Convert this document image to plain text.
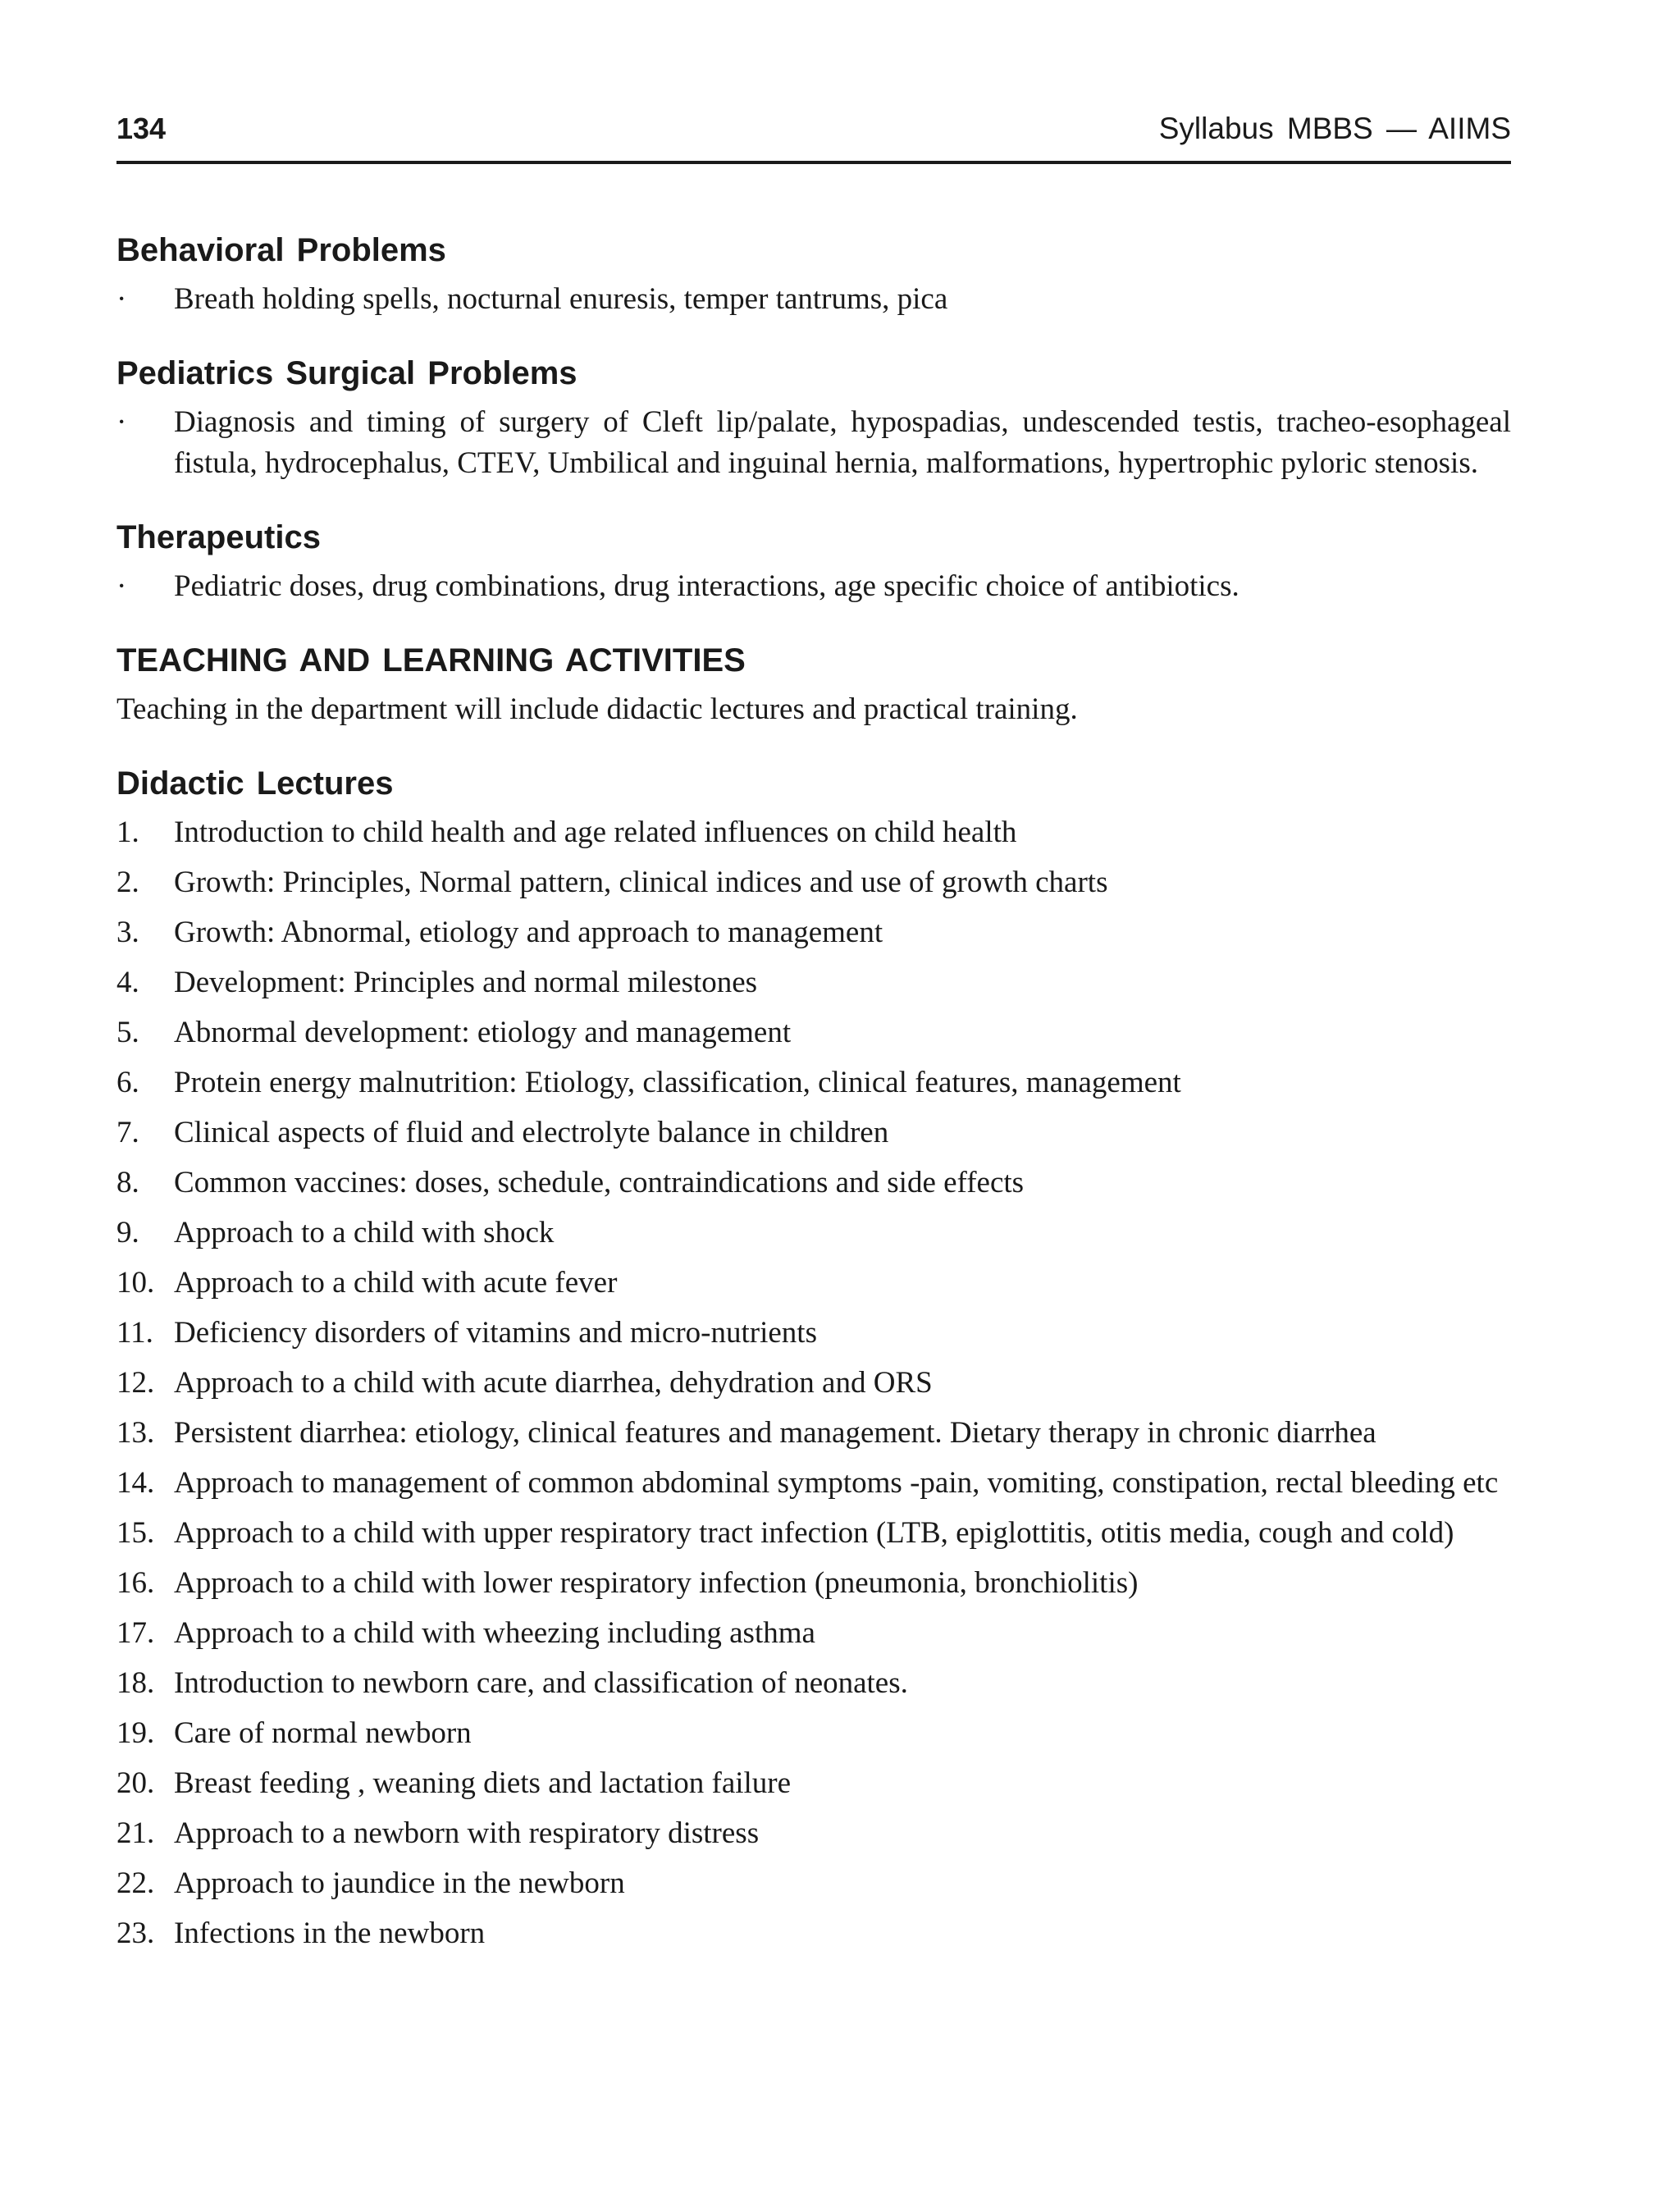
134	Syllabus MBBS — AIIMS
Behavioral Problems
·	Breath holding spells, nocturnal enuresis, temper tantrums, pica
Pediatrics Surgical Problems
·	Diagnosis and timing of surgery of Cleft lip/palate, hypospadias, undescended testis, tracheo-esophageal fistula, hydrocephalus, CTEV, Umbilical and inguinal hernia, malformations, hypertrophic pyloric stenosis.
Therapeutics
·	Pediatric doses, drug combinations, drug interactions, age specific choice of antibiotics.
TEACHING AND LEARNING ACTIVITIES

Teaching in the department will include didactic lectures and practical training.

Didactic Lectures
1.	Introduction to child health and age related influences on child health
2.	Growth: Principles, Normal pattern, clinical indices and use of growth charts
3.	Growth: Abnormal, etiology and approach to management
4.	Development: Principles and normal milestones
5.	Abnormal development: etiology and management
6.	Protein energy malnutrition: Etiology, classification, clinical features, management
7.	Clinical aspects of fluid and electrolyte balance in children
8.	Common vaccines: doses, schedule, contraindications and side effects
9.	Approach to a child with shock
10. Approach to a child with acute fever
11. Deficiency disorders of vitamins and micro-nutrients
12. Approach to a child with acute diarrhea, dehydration and ORS
13. Persistent diarrhea: etiology, clinical features and management. Dietary therapy in chronic diarrhea
14. Approach to management of common abdominal symptoms -pain, vomiting, constipation, rectal bleeding etc
15. Approach to a child with upper respiratory tract infection (LTB, epiglottitis, otitis media, cough and cold)
16. Approach to a child with lower respiratory infection (pneumonia, bronchiolitis)
17. Approach to a child with wheezing including asthma
18. Introduction to newborn care, and classification of neonates.
19. Care of normal newborn
20. Breast feeding , weaning diets and lactation failure
21. Approach to a newborn with respiratory distress
22. Approach to jaundice in the newborn
23. Infections in the newborn
